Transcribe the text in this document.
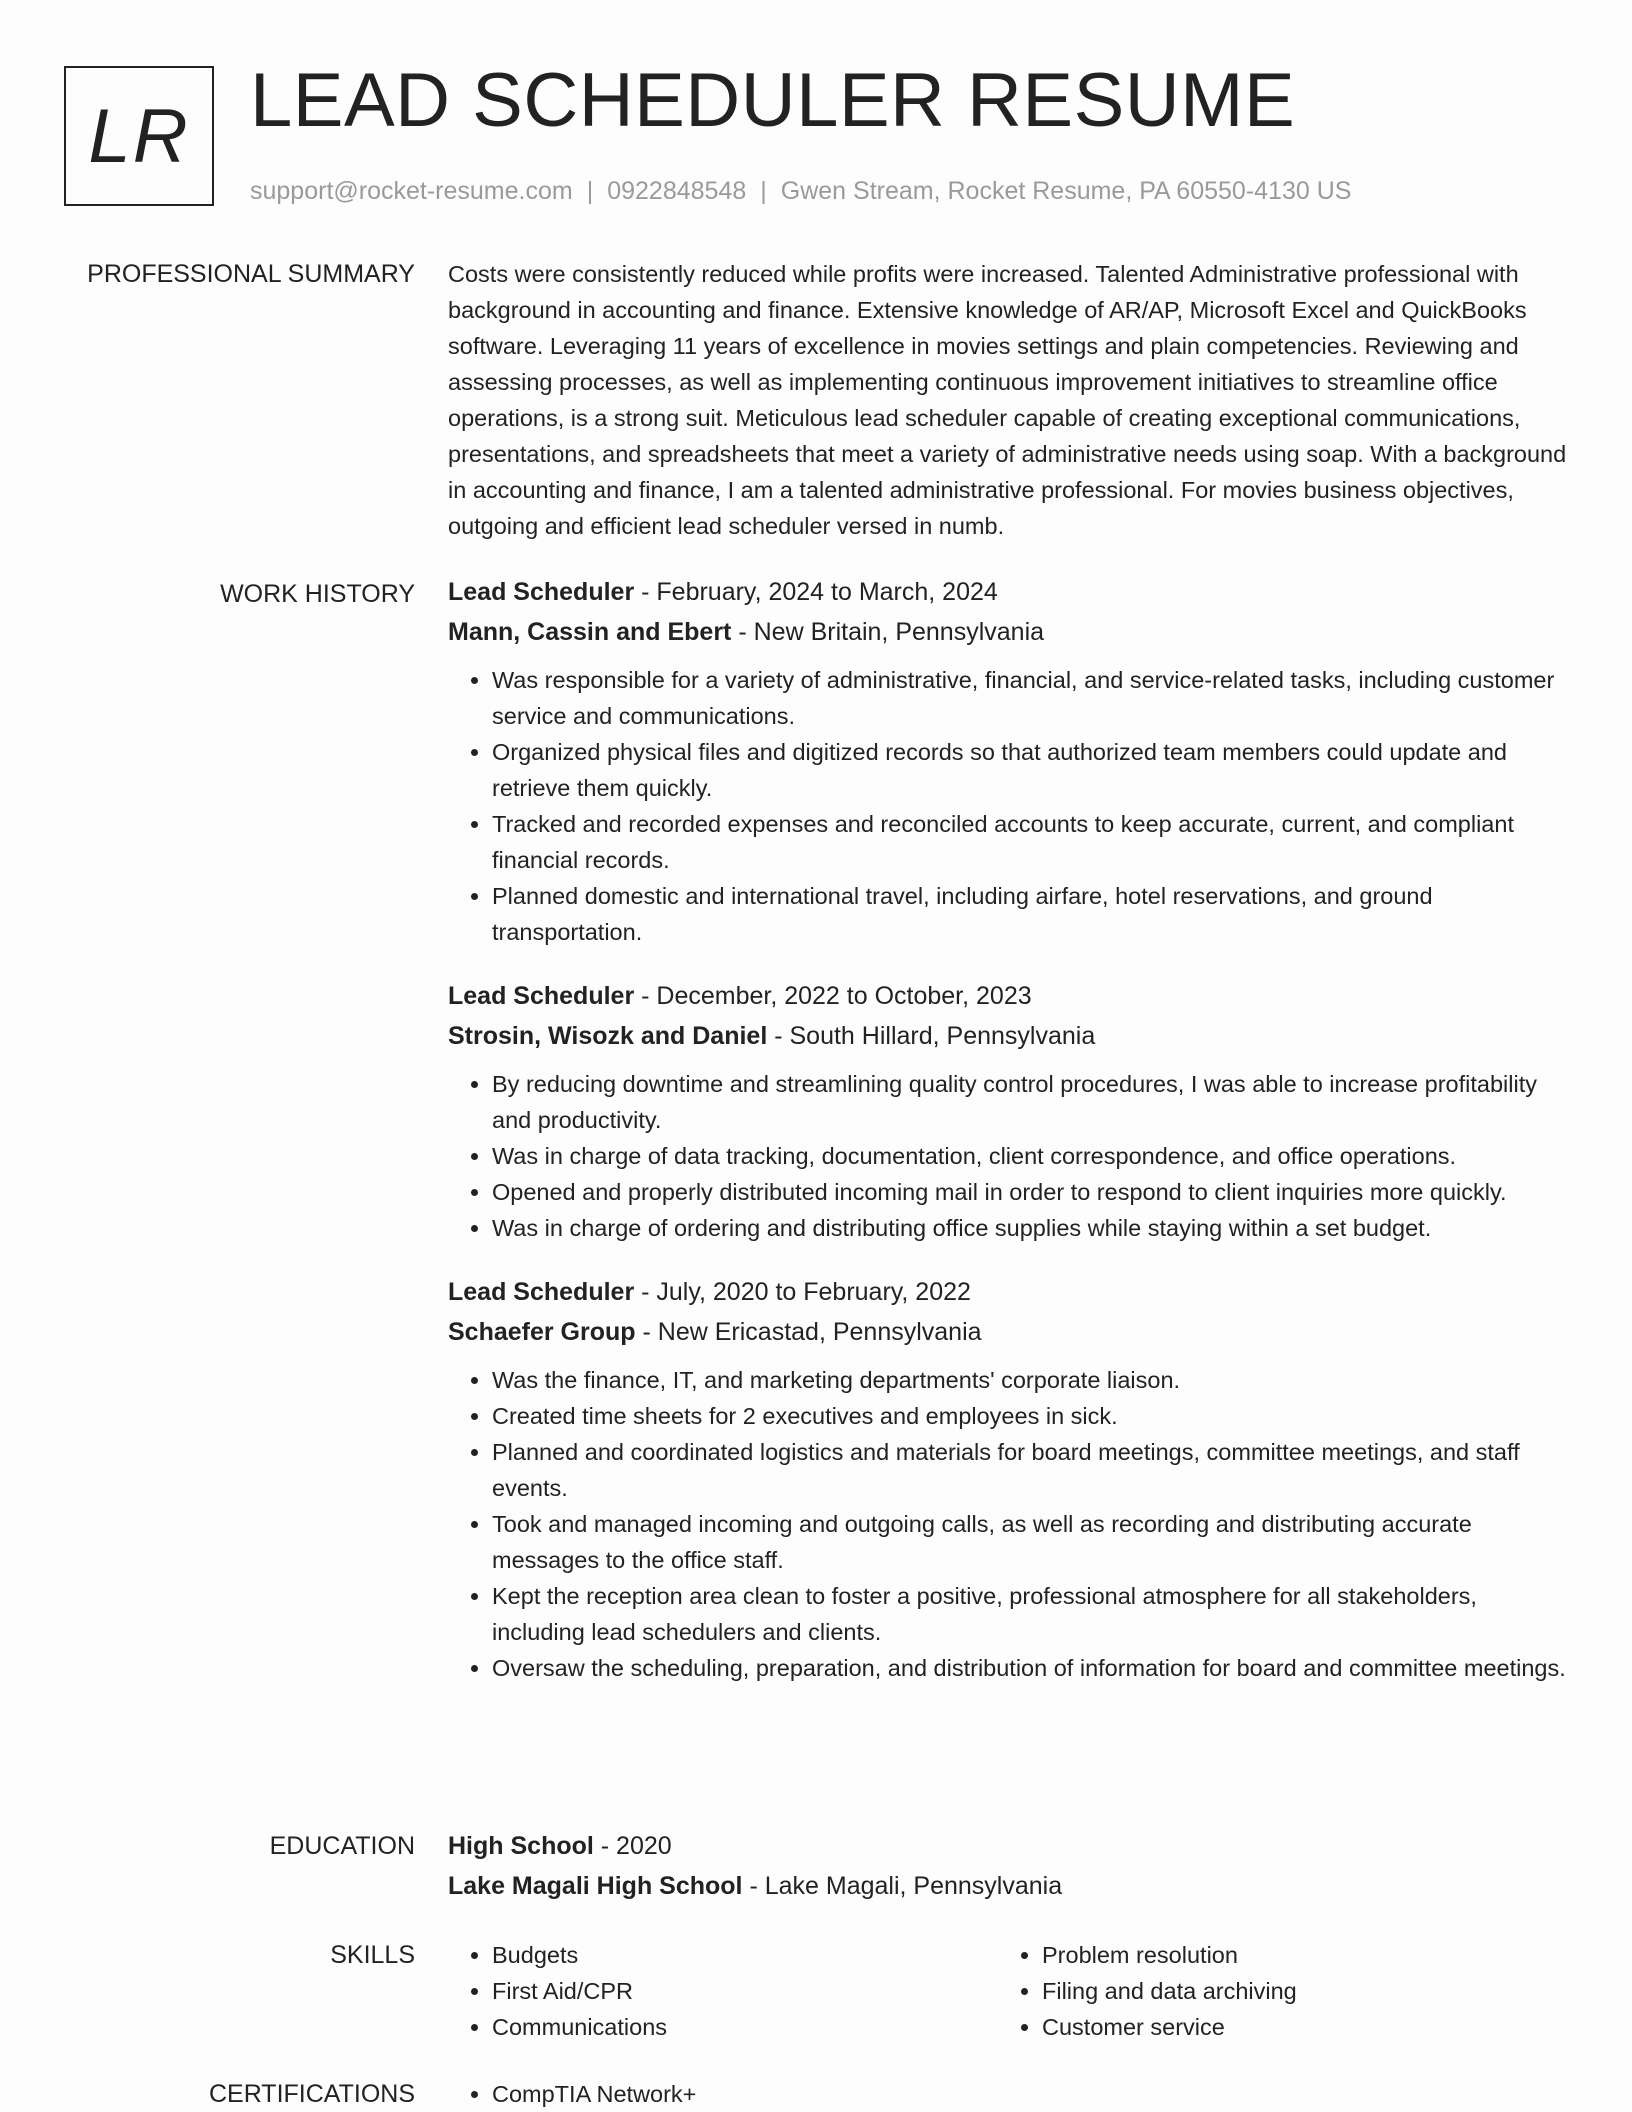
LR LEAD SCHEDULER RESUME
support@rocket-resume.com | 0922848548 | Gwen Stream, Rocket Resume, PA 60550-4130 US
PROFESSIONAL SUMMARY Costs were consistently reduced while profits were increased. Talented Administrative professional with background in accounting and finance. Extensive knowledge of AR/AP, Microsoft Excel and QuickBooks software. Leveraging 11 years of excellence in movies settings and plain competencies. Reviewing and assessing processes, as well as implementing continuous improvement initiatives to streamline office operations, is a strong suit. Meticulous lead scheduler capable of creating exceptional communications, presentations, and spreadsheets that meet a variety of administrative needs using soap. With a background in accounting and finance, I am a talented administrative professional. For movies business objectives, outgoing and efficient lead scheduler versed in numb.

WORK HISTORY Lead Scheduler - February, 2024 to March, 2024
Mann, Cassin and Ebert - New Britain, Pennsylvania
• Was responsible for a variety of administrative, financial, and service-related tasks, including customer service and communications.
• Organized physical files and digitized records so that authorized team members could update and retrieve them quickly.
• Tracked and recorded expenses and reconciled accounts to keep accurate, current, and compliant financial records.
• Planned domestic and international travel, including airfare, hotel reservations, and ground transportation.
Lead Scheduler - December, 2022 to October, 2023
Strosin, Wisozk and Daniel - South Hillard, Pennsylvania
• By reducing downtime and streamlining quality control procedures, I was able to increase profitability and productivity.
• Was in charge of data tracking, documentation, client correspondence, and office operations.
• Opened and properly distributed incoming mail in order to respond to client inquiries more quickly.
• Was in charge of ordering and distributing office supplies while staying within a set budget.
Lead Scheduler - July, 2020 to February, 2022
Schaefer Group - New Ericastad, Pennsylvania
• Was the finance, IT, and marketing departments' corporate liaison.
• Created time sheets for 2 executives and employees in sick.
• Planned and coordinated logistics and materials for board meetings, committee meetings, and staff events.
• Took and managed incoming and outgoing calls, as well as recording and distributing accurate messages to the office staff.
• Kept the reception area clean to foster a positive, professional atmosphere for all stakeholders, including lead schedulers and clients.
• Oversaw the scheduling, preparation, and distribution of information for board and committee meetings.
EDUCATION High School - 2020
Lake Magali High School - Lake Magali, Pennsylvania
SKILLS	• Budgets
• First Aid/CPR
• Communications
• Problem resolution
• Filing and data archiving
• Customer service
CERTIFICATIONS	• CompTIA Network+
